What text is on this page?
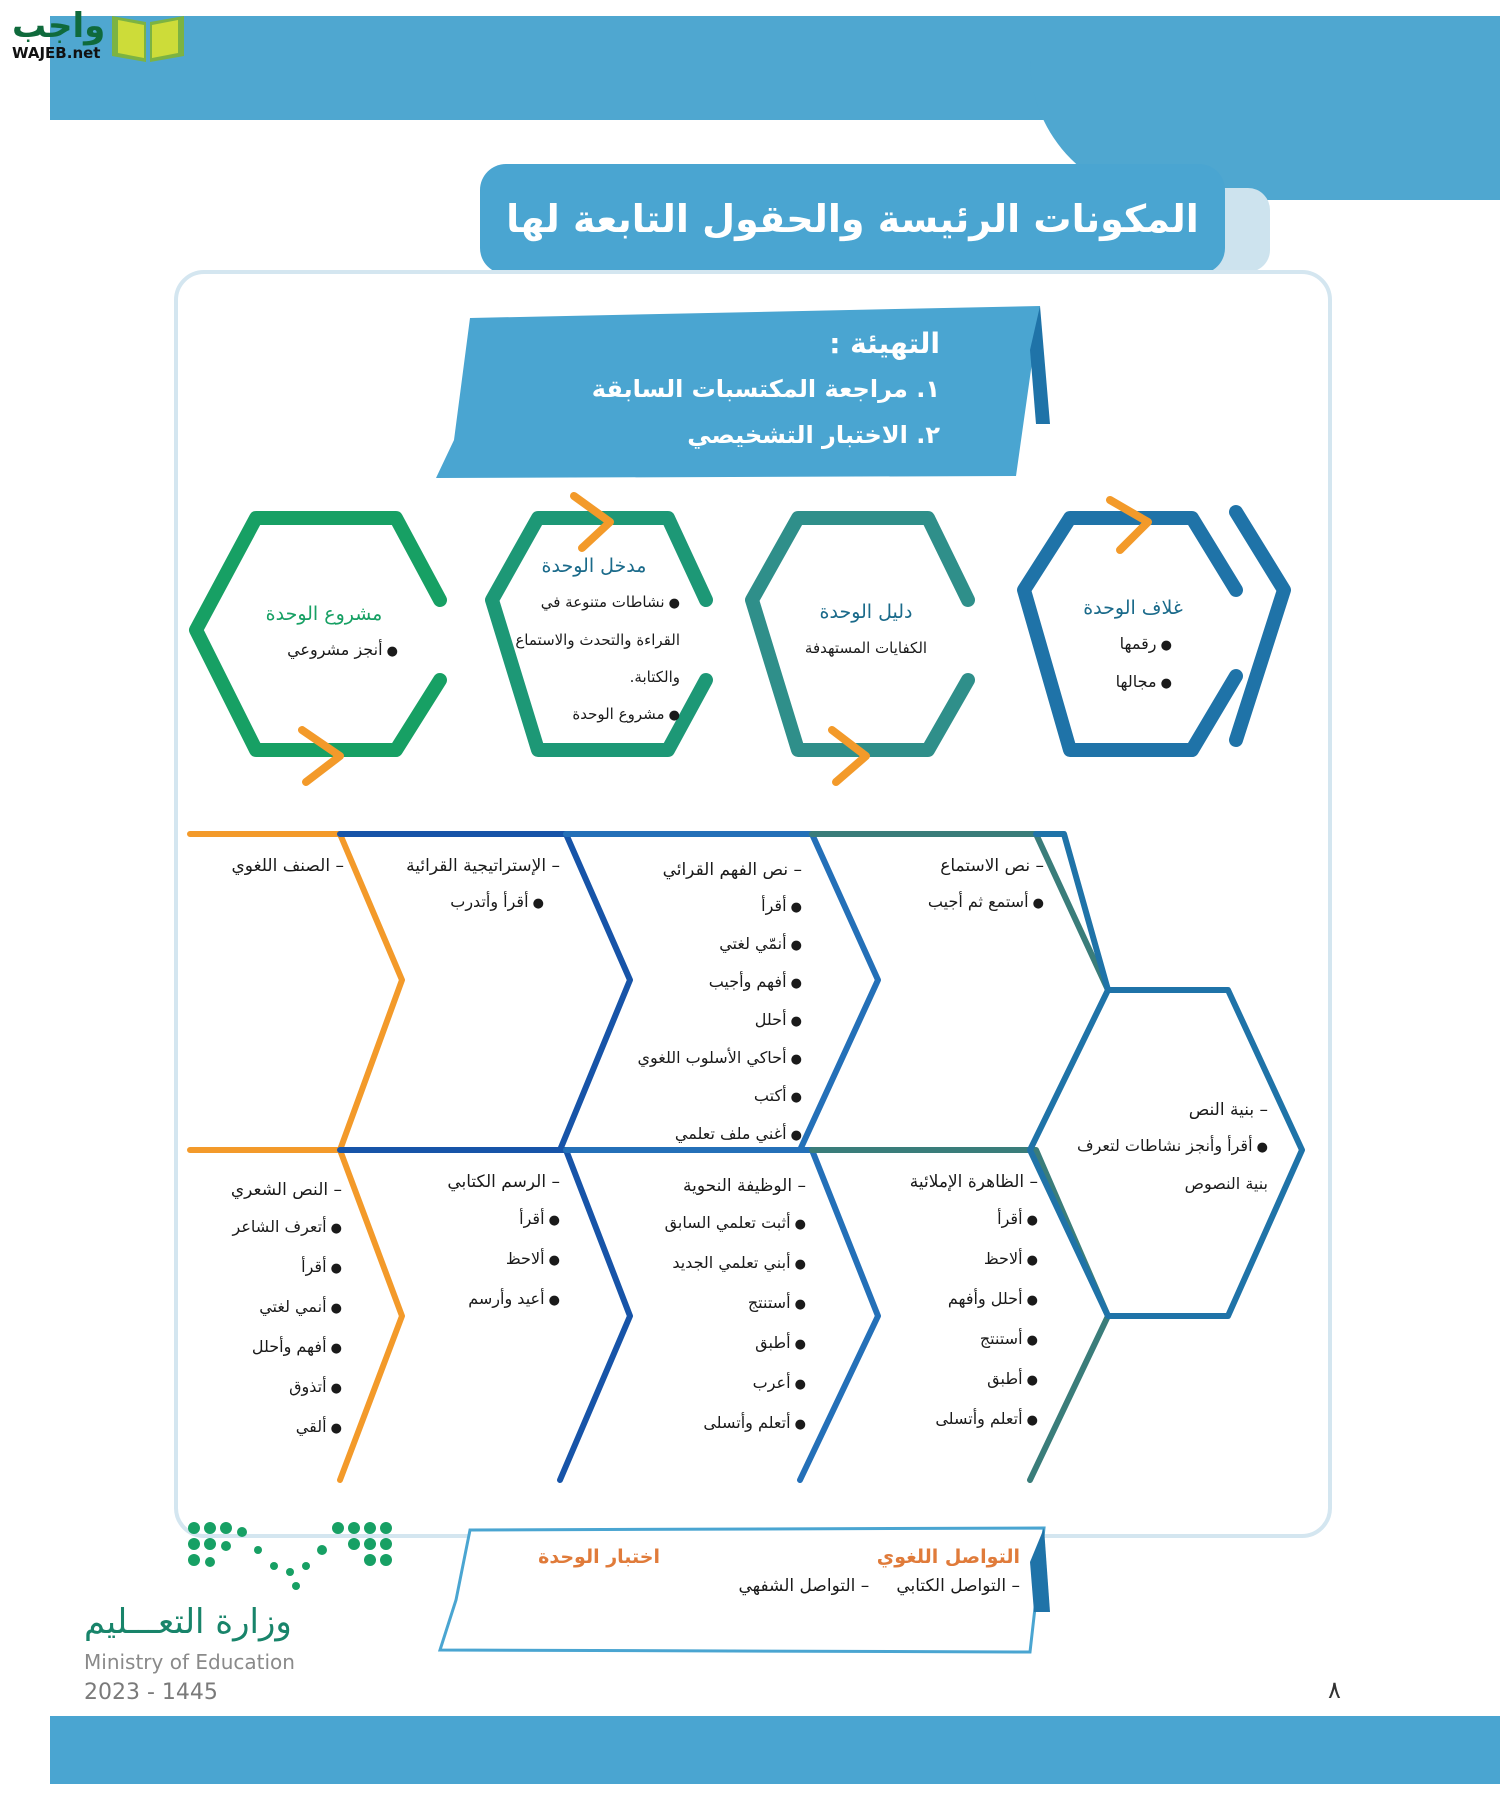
واجب
WAJEB.net
المكونات الرئيسة والحقول التابعة لها
التهيئة :
١. مراجعة المكتسبات السابقة
٢. الاختبار التشخيصي
غلاف الوحدة
● رقمها
● مجالها
دليل الوحدة
الكفايات المستهدفة
مدخل الوحدة
● نشاطات متنوعة في القراءة والتحدث والاستماع والكتابة.
● مشروع الوحدة
مشروع الوحدة
● أنجز مشروعي
– نص الاستماع
● أستمع ثم أجيب
– نص الفهم القرائي
● أقرأ
● أنمّي لغتي
● أفهم وأجيب
● أحلل
● أحاكي الأسلوب اللغوي
● أكتب
● أغني ملف تعلمي
– الإستراتيجية القرائية
● أقرأ وأتدرب
– الصنف اللغوي
– بنية النص
● أقرأ وأنجز نشاطات لتعرف بنية النصوص
– الظاهرة الإملائية
● أقرأ
● ألاحظ
● أحلل وأفهم
● أستنتج
● أطبق
● أتعلم وأتسلى
– الوظيفة النحوية
● أثبت تعلمي السابق
● أبني تعلمي الجديد
● أستنتج
● أطبق
● أعرب
● أتعلم وأتسلى
– الرسم الكتابي
● أقرأ
● ألاحظ
● أعيد وأرسم
– النص الشعري
● أتعرف الشاعر
● أقرأ
● أنمي لغتي
● أفهم وأحلل
● أتذوق
● ألقي
التواصل اللغوي
– التواصل الكتابي     – التواصل الشفهي
اختبار الوحدة
وزارة التعـــليم
Ministry of Education
2023 - 1445	٨
